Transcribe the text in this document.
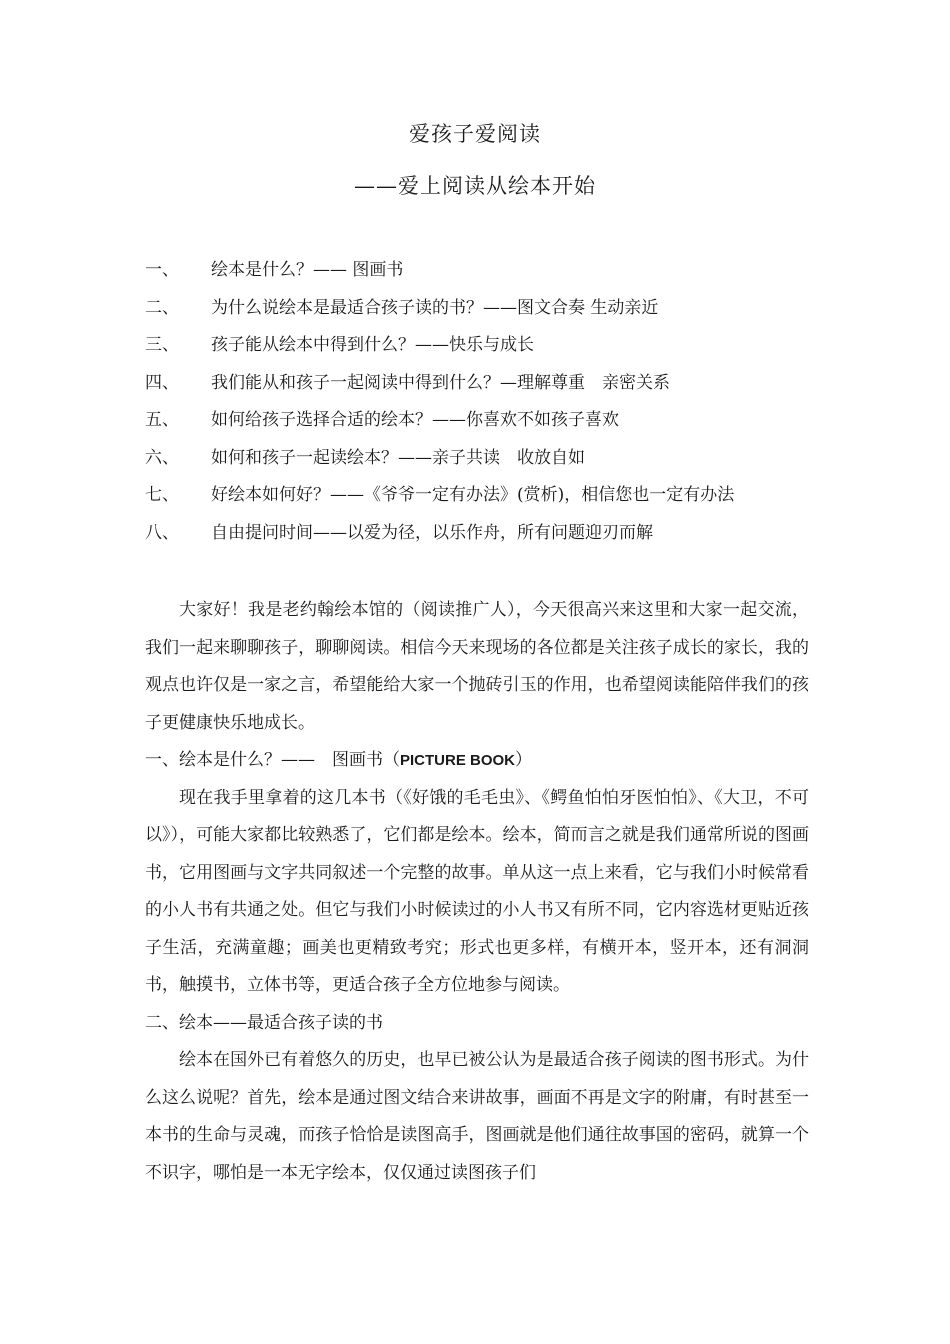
爱孩子爱阅读
——爱上阅读从绘本开始
一、 绘本是什么？—— 图画书
二、 为什么说绘本是最适合孩子读的书？——图文合奏 生动亲近
三、 孩子能从绘本中得到什么？——快乐与成长
四、 我们能从和孩子一起阅读中得到什么？—理解尊重　亲密关系
五、 如何给孩子选择合适的绘本？——你喜欢不如孩子喜欢
六、 如何和孩子一起读绘本？——亲子共读　收放自如
七、 好绘本如何好？——《爷爷一定有办法》(赏析)，相信您也一定有办法
八、 自由提问时间——以爱为径，以乐作舟，所有问题迎刃而解

大家好！我是老约翰绘本馆的（阅读推广人），今天很高兴来这里和大家一起交流，我们一起来聊聊孩子，聊聊阅读。相信今天来现场的各位都是关注孩子成长的家长，我的观点也许仅是一家之言，希望能给大家一个抛砖引玉的作用，也希望阅读能陪伴我们的孩子更健康快乐地成长。

一、绘本是什么？——　图画书（PICTURE BOOK）

现在我手里拿着的这几本书（《好饿的毛毛虫》、《鳄鱼怕怕牙医怕怕》、《大卫，不可以》），可能大家都比较熟悉了，它们都是绘本。绘本，简而言之就是我们通常所说的图画书，它用图画与文字共同叙述一个完整的故事。单从这一点上来看，它与我们小时候常看的小人书有共通之处。但它与我们小时候读过的小人书又有所不同，它内容选材更贴近孩子生活，充满童趣；画美也更精致考究；形式也更多样，有横开本，竖开本，还有洞洞书，触摸书，立体书等，更适合孩子全方位地参与阅读。

二、绘本——最适合孩子读的书

绘本在国外已有着悠久的历史，也早已被公认为是最适合孩子阅读的图书形式。为什么这么说呢？首先，绘本是通过图文结合来讲故事，画面不再是文字的附庸，有时甚至一本书的生命与灵魂，而孩子恰恰是读图高手，图画就是他们通往故事国的密码，就算一个不识字，哪怕是一本无字绘本，仅仅通过读图孩子们
